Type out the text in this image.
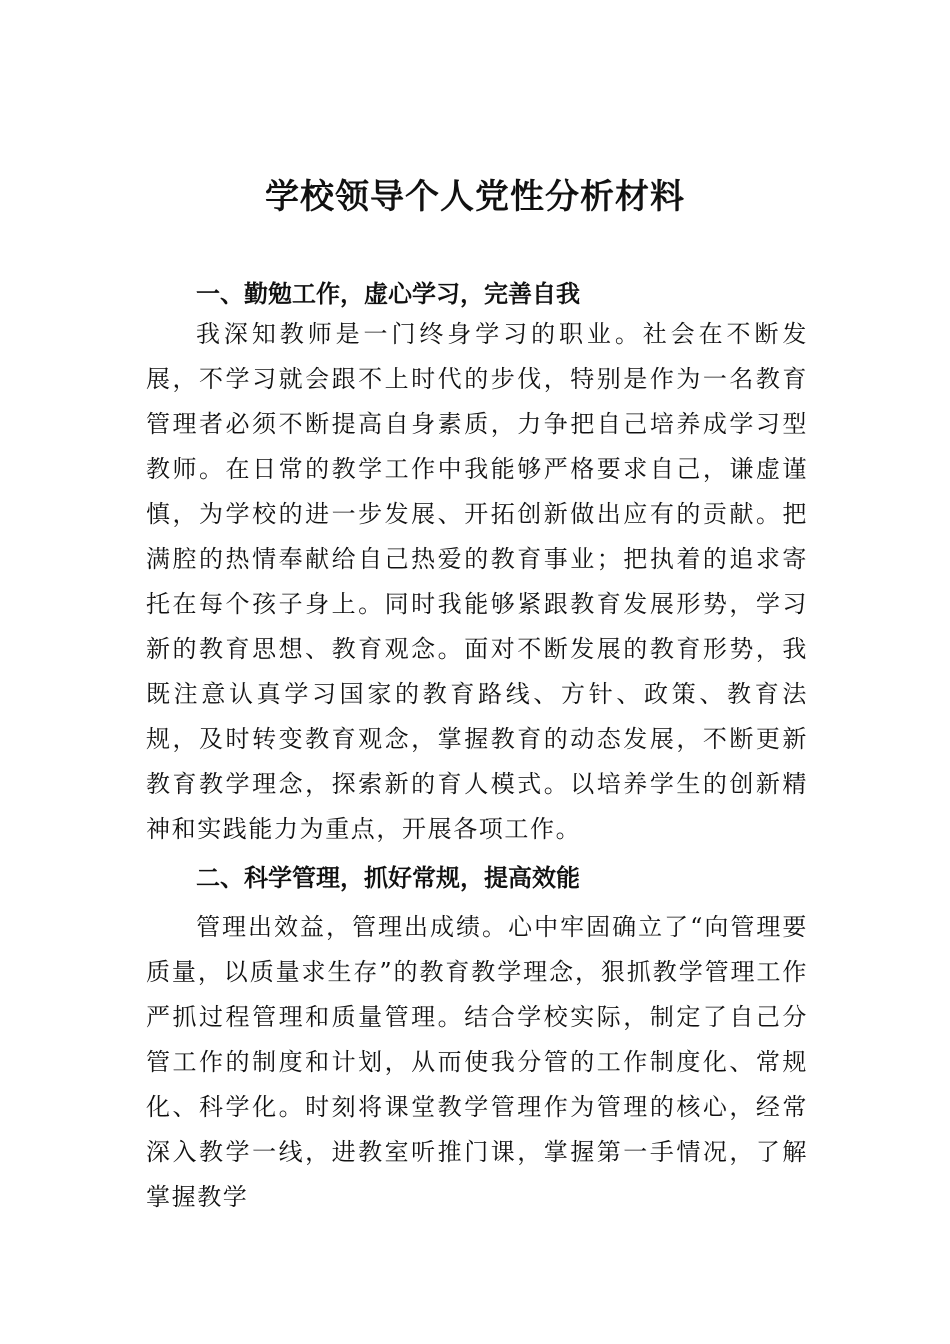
学校领导个人党性分析材料
一、勤勉工作，虚心学习，完善自我

我深知教师是一门终身学习的职业。社会在不断发展，不学习就会跟不上时代的步伐，特别是作为一名教育管理者必须不断提高自身素质，力争把自己培养成学习型教师。在日常的教学工作中我能够严格要求自己，谦虚谨慎，为学校的进一步发展、开拓创新做出应有的贡献。把满腔的热情奉献给自己热爱的教育事业；把执着的追求寄托在每个孩子身上。同时我能够紧跟教育发展形势，学习新的教育思想、教育观念。面对不断发展的教育形势，我既注意认真学习国家的教育路线、方针、政策、教育法规，及时转变教育观念，掌握教育的动态发展，不断更新教育教学理念，探索新的育人模式。以培养学生的创新精神和实践能力为重点，开展各项工作。

二、科学管理，抓好常规，提高效能

管理出效益，管理出成绩。心中牢固确立了“向管理要质量，以质量求生存”的教育教学理念，狠抓教学管理工作严抓过程管理和质量管理。结合学校实际，制定了自己分管工作的制度和计划，从而使我分管的工作制度化、常规化、科学化。时刻将课堂教学管理作为管理的核心，经常深入教学一线，进教室听推门课，掌握第一手情况，了解掌握教学
